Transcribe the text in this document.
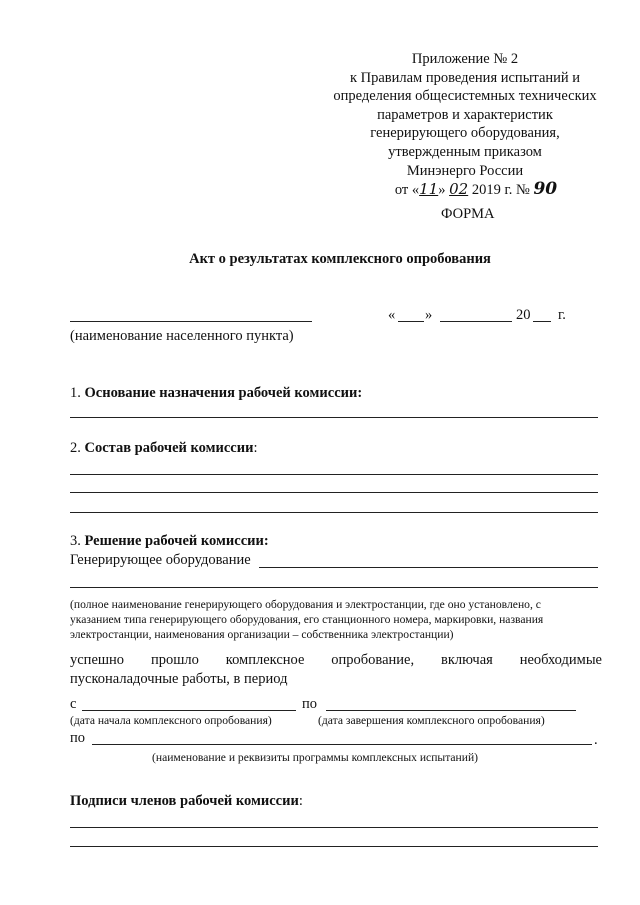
Приложение № 2
к Правилам проведения испытаний и
определения общесистемных технических
параметров и характеристик
генерирующего оборудования,
утвержденным приказом
Минэнерго России
от «11» 02 2019 г. № 90
ФОРМА
Акт о результатах комплексного опробования
« »	20 г.
(наименование населенного пункта)
1. Основание назначения рабочей комиссии:
2. Состав рабочей комиссии:
3. Решение рабочей комиссии:
Генерирующее оборудование
(полное наименование генерирующего оборудования и электростанции, где оно установлено, с
указанием типа генерирующего оборудования, его станционного номера, маркировки, названия
электростанции, наименования организации – собственника электростанции)
успешно прошло комплексное опробование, включая необходимые
пусконаладочные работы, в период
с	по
(дата начала комплексного опробования)	(дата завершения комплексного опробования)
по	.
(наименование и реквизиты программы комплексных испытаний)
Подписи членов рабочей комиссии:
